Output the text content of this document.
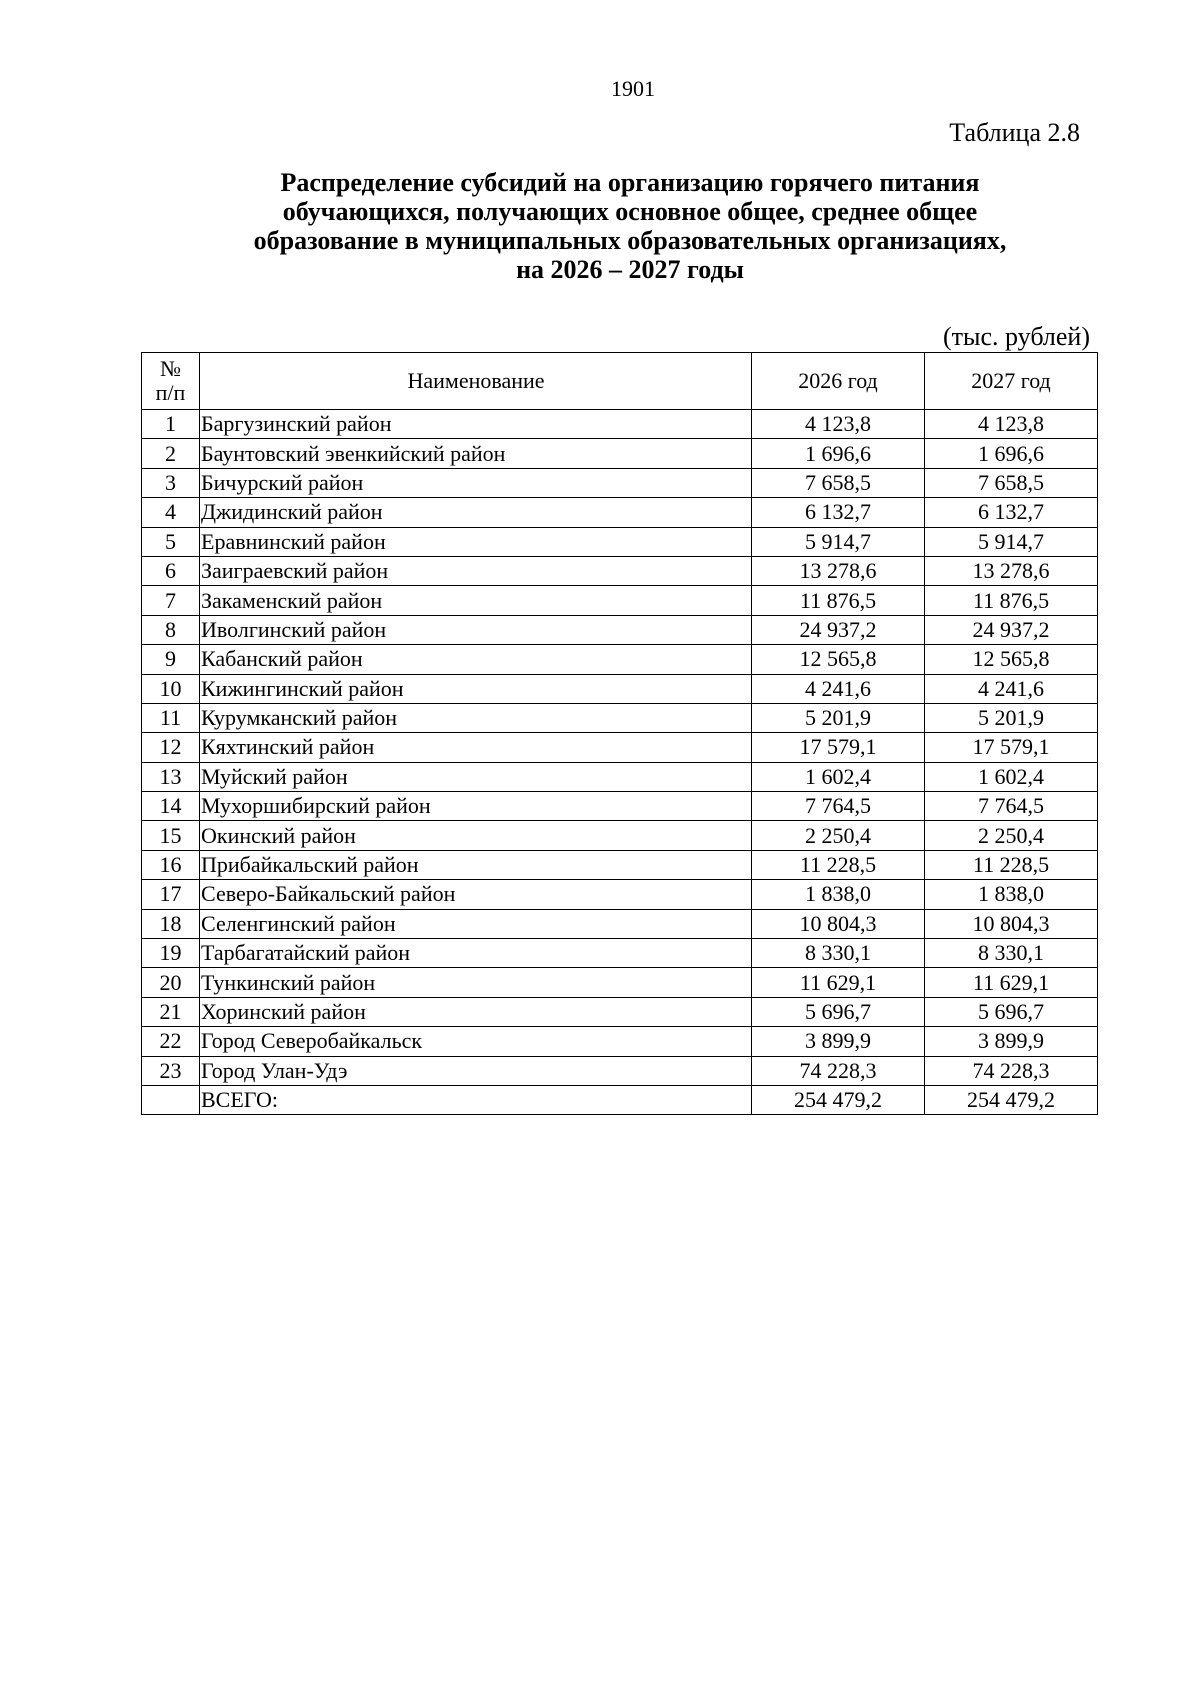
1901
Таблица 2.8
Распределение субсидий на организацию горячего питания
обучающихся, получающих основное общее, среднее общее
образование в муниципальных образовательных организациях,
на 2026 – 2027 годы
(тыс. рублей)
№
п/п	Наименование	2026 год	2027 год
1	Баргузинский район	4 123,8	4 123,8
2	Баунтовский эвенкийский район	1 696,6	1 696,6
3	Бичурский район	7 658,5	7 658,5
4	Джидинский район	6 132,7	6 132,7
5	Еравнинский район	5 914,7	5 914,7
6	Заиграевский район	13 278,6	13 278,6
7	Закаменский район	11 876,5	11 876,5
8	Иволгинский район	24 937,2	24 937,2
9	Кабанский район	12 565,8	12 565,8
10	Кижингинский район	4 241,6	4 241,6
11	Курумканский район	5 201,9	5 201,9
12	Кяхтинский район	17 579,1	17 579,1
13	Муйский район	1 602,4	1 602,4
14	Мухоршибирский район	7 764,5	7 764,5
15	Окинский район	2 250,4	2 250,4
16	Прибайкальский район	11 228,5	11 228,5
17	Северо-Байкальский район	1 838,0	1 838,0
18	Селенгинский район	10 804,3	10 804,3
19	Тарбагатайский район	8 330,1	8 330,1
20	Тункинский район	11 629,1	11 629,1
21	Хоринский район	5 696,7	5 696,7
22	Город Северобайкальск	3 899,9	3 899,9
23	Город Улан-Удэ	74 228,3	74 228,3
	ВСЕГО:	254 479,2	254 479,2
